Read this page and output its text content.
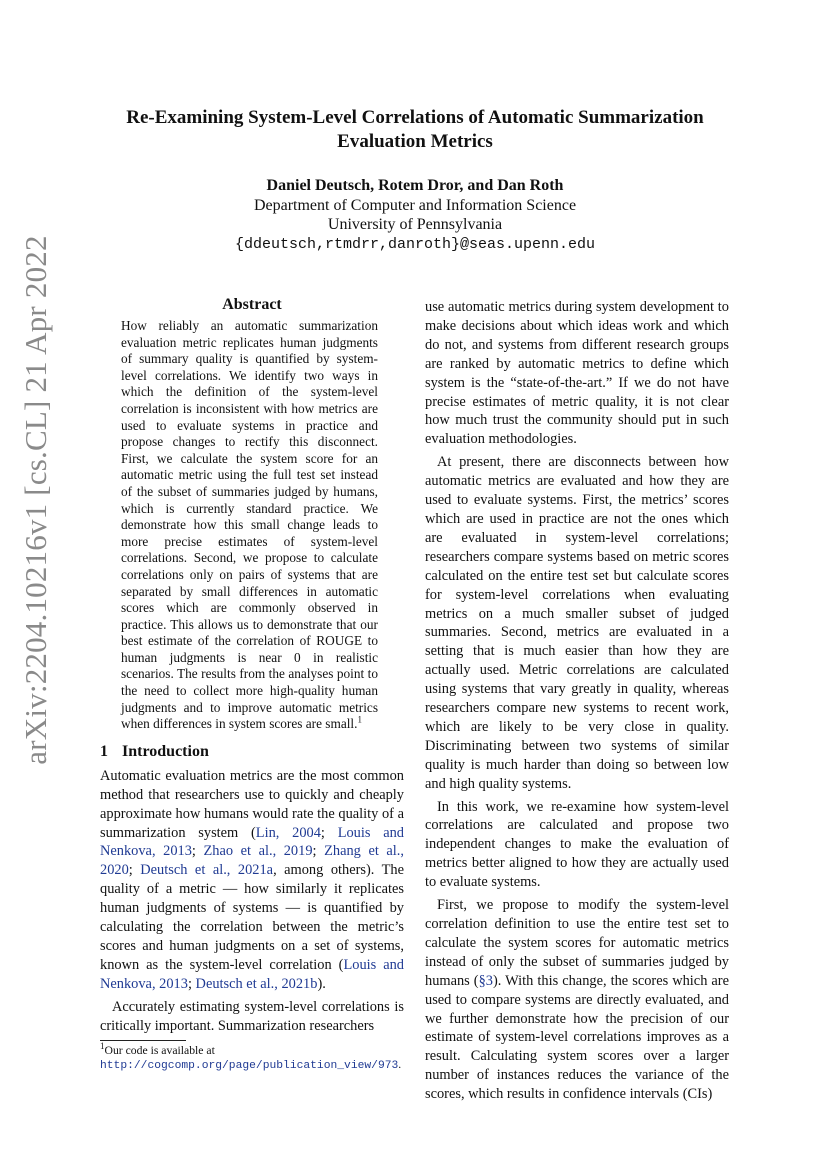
arXiv:2204.10216v1 [cs.CL] 21 Apr 2022
Re-Examining System-Level Correlations of Automatic Summarization
Evaluation Metrics
Daniel Deutsch, Rotem Dror, and Dan Roth
Department of Computer and Information Science
University of Pennsylvania
{ddeutsch,rtmdrr,danroth}@seas.upenn.edu
Abstract

How reliably an automatic summarization evaluation metric replicates human judgments of summary quality is quantified by system-level correlations. We identify two ways in which the definition of the system-level correlation is inconsistent with how metrics are used to evaluate systems in practice and propose changes to rectify this disconnect. First, we calculate the system score for an automatic metric using the full test set instead of the subset of summaries judged by humans, which is currently standard practice. We demonstrate how this small change leads to more precise estimates of system-level correlations. Second, we propose to calculate correlations only on pairs of systems that are separated by small differences in automatic scores which are commonly observed in practice. This allows us to demonstrate that our best estimate of the correlation of ROUGE to human judgments is near 0 in realistic scenarios. The results from the analyses point to the need to collect more high-quality human judgments and to improve automatic metrics when differences in system scores are small.$^1$

1 Introduction

Automatic evaluation metrics are the most common method that researchers use to quickly and cheaply approximate how humans would rate the quality of a summarization system (Lin, 2004; Louis and Nenkova, 2013; Zhao et al., 2019; Zhang et al., 2020; Deutsch et al., 2021a, among others). The quality of a metric — how similarly it replicates human judgments of systems — is quantified by calculating the correlation between the metric’s scores and human judgments on a set of systems, known as the system-level correlation (Louis and Nenkova, 2013; Deutsch et al., 2021b).

Accurately estimating system-level correlations is critically important. Summarization researchers

$^1$Our code is available at http://cogcomp.org/page/publication_view/973.

use automatic metrics during system development to make decisions about which ideas work and which do not, and systems from different research groups are ranked by automatic metrics to define which system is the “state-of-the-art.” If we do not have precise estimates of metric quality, it is not clear how much trust the community should put in such evaluation methodologies.

At present, there are disconnects between how automatic metrics are evaluated and how they are used to evaluate systems. First, the metrics’ scores which are used in practice are not the ones which are evaluated in system-level correlations; researchers compare systems based on metric scores calculated on the entire test set but calculate scores for system-level correlations when evaluating metrics on a much smaller subset of judged summaries. Second, metrics are evaluated in a setting that is much easier than how they are actually used. Metric correlations are calculated using systems that vary greatly in quality, whereas researchers compare new systems to recent work, which are likely to be very close in quality. Discriminating between two systems of similar quality is much harder than doing so between low and high quality systems.

In this work, we re-examine how system-level correlations are calculated and propose two independent changes to make the evaluation of metrics better aligned to how they are actually used to evaluate systems.

First, we propose to modify the system-level correlation definition to use the entire test set to calculate the system scores for automatic metrics instead of only the subset of summaries judged by humans (§3). With this change, the scores which are used to compare systems are directly evaluated, and we further demonstrate how the precision of our estimate of system-level correlations improves as a result. Calculating system scores over a larger number of instances reduces the variance of the scores, which results in confidence intervals (CIs)
